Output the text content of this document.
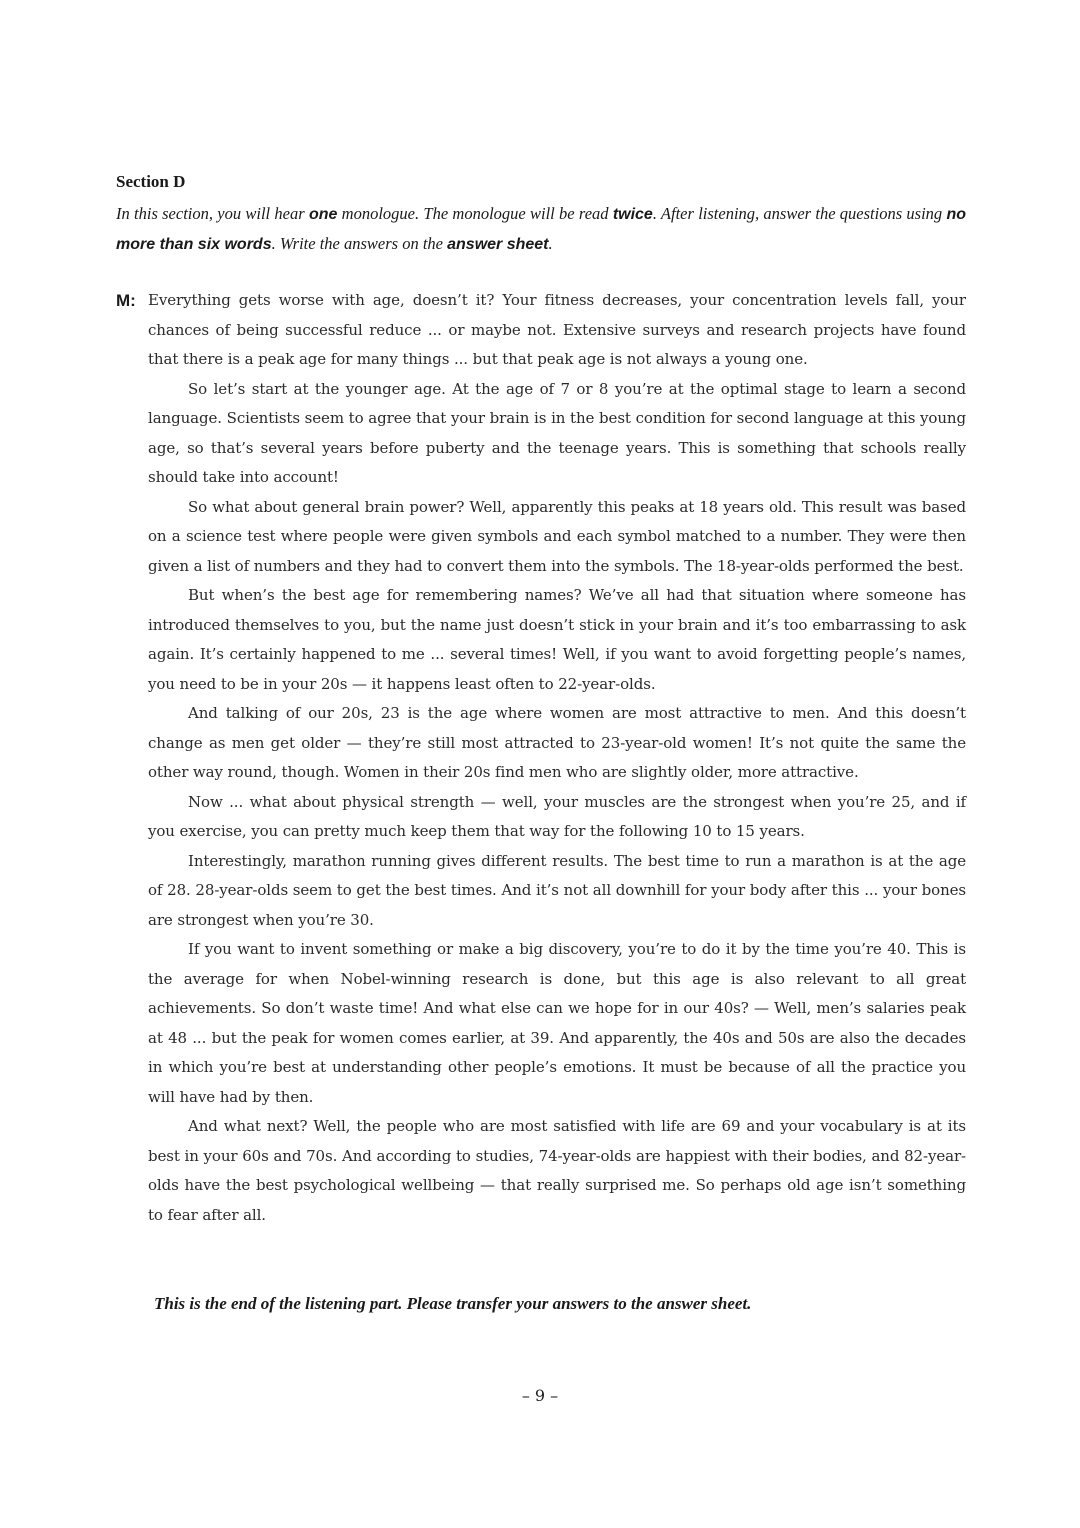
Section D

In this section, you will hear one monologue. The monologue will be read twice. After listening, answer the questions using no more than six words. Write the answers on the answer sheet.

M: Everything gets worse with age, doesn’t it? Your fitness decreases, your concentration levels fall, your chances of being successful reduce ... or maybe not. Extensive surveys and research projects have found that there is a peak age for many things ... but that peak age is not always a young one.

So let’s start at the younger age. At the age of 7 or 8 you’re at the optimal stage to learn a second language. Scientists seem to agree that your brain is in the best condition for second language at this young age, so that’s several years before puberty and the teenage years. This is something that schools really should take into account!

So what about general brain power? Well, apparently this peaks at 18 years old. This result was based on a science test where people were given symbols and each symbol matched to a number. They were then given a list of numbers and they had to convert them into the symbols. The 18-year-olds performed the best.

But when’s the best age for remembering names? We’ve all had that situation where someone has introduced themselves to you, but the name just doesn’t stick in your brain and it’s too embarrassing to ask again. It’s certainly happened to me ... several times! Well, if you want to avoid forgetting people’s names, you need to be in your 20s — it happens least often to 22-year-olds.

And talking of our 20s, 23 is the age where women are most attractive to men. And this doesn’t change as men get older — they’re still most attracted to 23-year-old women! It’s not quite the same the other way round, though. Women in their 20s find men who are slightly older, more attractive.

Now ... what about physical strength — well, your muscles are the strongest when you’re 25, and if you exercise, you can pretty much keep them that way for the following 10 to 15 years.

Interestingly, marathon running gives different results. The best time to run a marathon is at the age of 28. 28-year-olds seem to get the best times. And it’s not all downhill for your body after this ... your bones are strongest when you’re 30.

If you want to invent something or make a big discovery, you’re to do it by the time you’re 40. This is the average for when Nobel-winning research is done, but this age is also relevant to all great achievements. So don’t waste time! And what else can we hope for in our 40s? — Well, men’s salaries peak at 48 ... but the peak for women comes earlier, at 39. And apparently, the 40s and 50s are also the decades in which you’re best at understanding other people’s emotions. It must be because of all the practice you will have had by then.

And what next? Well, the people who are most satisfied with life are 69 and your vocabulary is at its best in your 60s and 70s. And according to studies, 74-year-olds are happiest with their bodies, and 82-year-olds have the best psychological wellbeing — that really surprised me. So perhaps old age isn’t something to fear after all.

This is the end of the listening part. Please transfer your answers to the answer sheet.

– 9 –
